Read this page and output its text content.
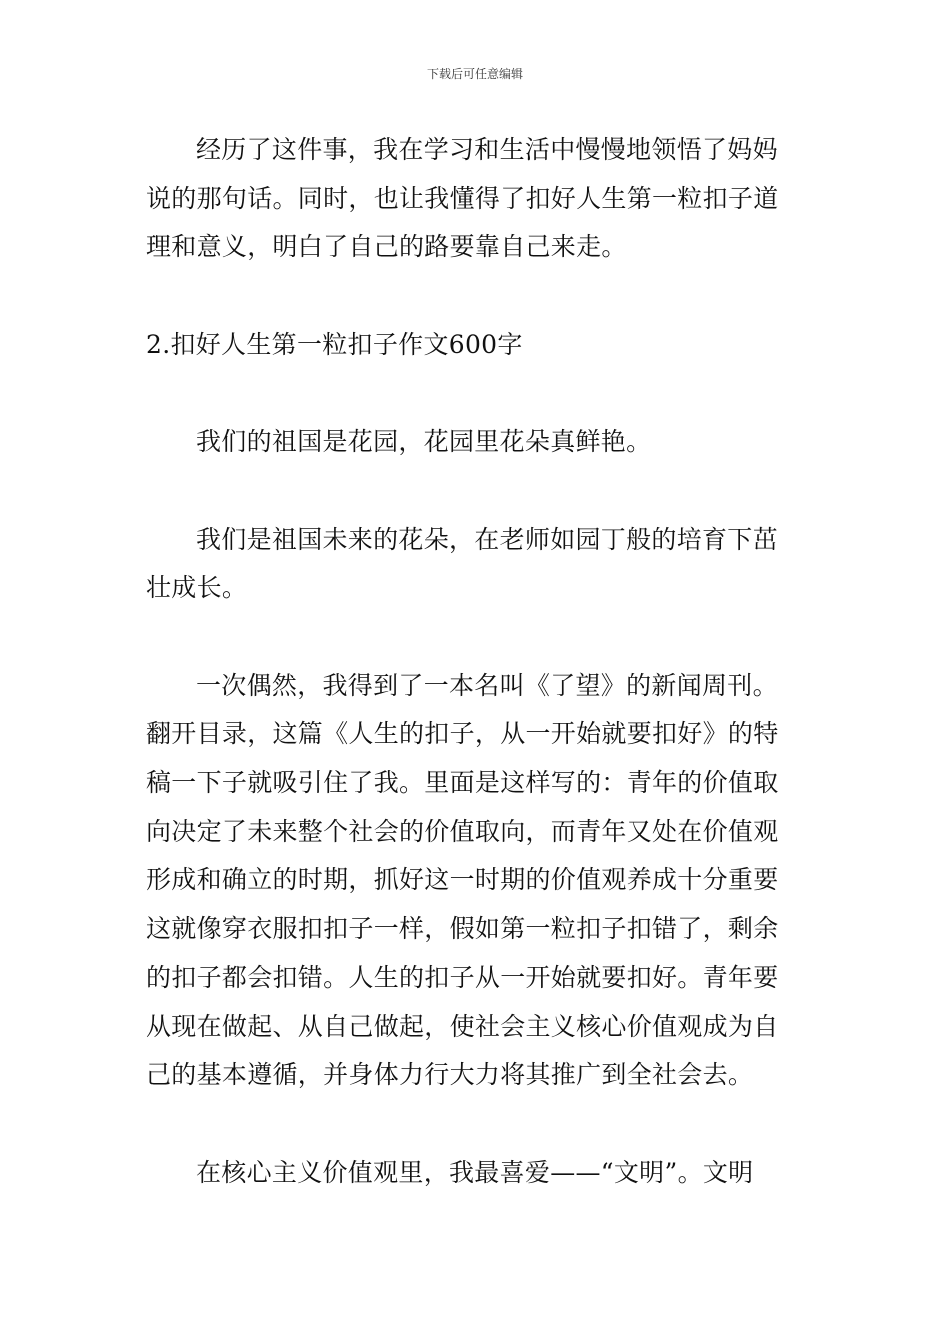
下载后可任意编辑

经历了这件事，我在学习和生活中慢慢地领悟了妈妈
说的那句话。同时，也让我懂得了扣好人生第一粒扣子道
理和意义，明白了自己的路要靠自己来走。

2.扣好人生第一粒扣子作文600字

我们的祖国是花园，花园里花朵真鲜艳。

我们是祖国未来的花朵，在老师如园丁般的培育下茁
壮成长。

一次偶然，我得到了一本名叫《了望》的新闻周刊。
翻开目录，这篇《人生的扣子，从一开始就要扣好》的特
稿一下子就吸引住了我。里面是这样写的：青年的价值取
向决定了未来整个社会的价值取向，而青年又处在价值观
形成和确立的时期，抓好这一时期的价值观养成十分重要
这就像穿衣服扣扣子一样，假如第一粒扣子扣错了，剩余
的扣子都会扣错。人生的扣子从一开始就要扣好。青年要
从现在做起、从自己做起，使社会主义核心价值观成为自
己的基本遵循，并身体力行大力将其推广到全社会去。

在核心主义价值观里，我最喜爱——“文明”。文明
